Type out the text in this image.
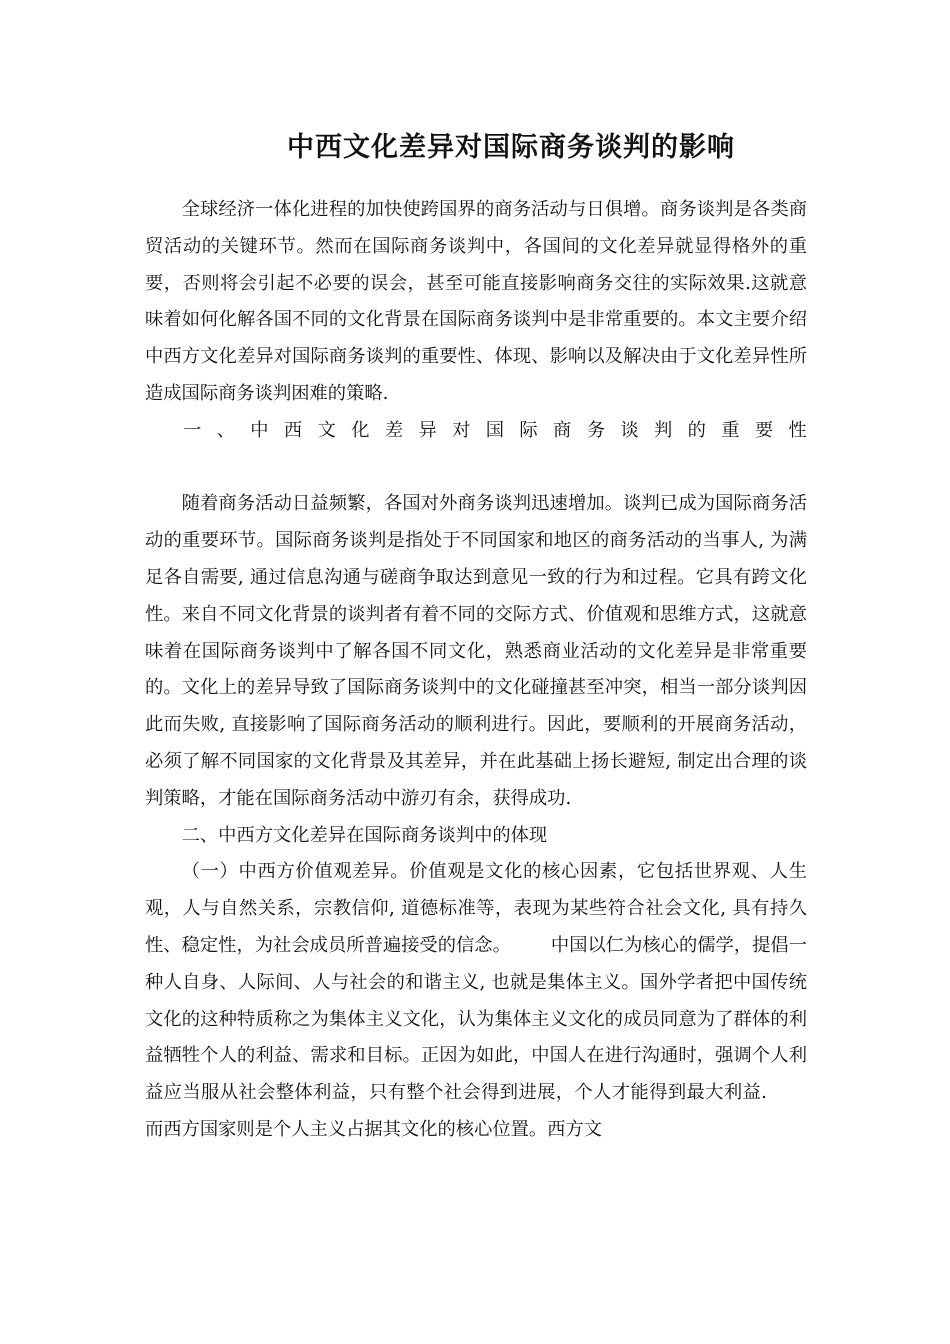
中西文化差异对国际商务谈判的影响

全球经济一体化进程的加快使跨国界的商务活动与日俱增。商务谈判是各类商贸活动的关键环节。然而在国际商务谈判中，各国间的文化差异就显得格外的重要，否则将会引起不必要的误会，甚至可能直接影响商务交往的实际效果.这就意味着如何化解各国不同的文化背景在国际商务谈判中是非常重要的。本文主要介绍中西方文化差异对国际商务谈判的重要性、体现、影响以及解决由于文化差异性所造成国际商务谈判困难的策略.

一 、 中 西 文 化 差 异 对 国 际 商 务 谈 判 的 重 要 性

随着商务活动日益频繁，各国对外商务谈判迅速增加。谈判已成为国际商务活动的重要环节。国际商务谈判是指处于不同国家和地区的商务活动的当事人, 为满足各自需要, 通过信息沟通与磋商争取达到意见一致的行为和过程。它具有跨文化性。来自不同文化背景的谈判者有着不同的交际方式、价值观和思维方式，这就意味着在国际商务谈判中了解各国不同文化，熟悉商业活动的文化差异是非常重要的。文化上的差异导致了国际商务谈判中的文化碰撞甚至冲突，相当一部分谈判因此而失败, 直接影响了国际商务活动的顺利进行。因此，要顺利的开展商务活动，必须了解不同国家的文化背景及其差异，并在此基础上扬长避短, 制定出合理的谈判策略，才能在国际商务活动中游刃有余，获得成功.

二、中西方文化差异在国际商务谈判中的体现

（一）中西方价值观差异。价值观是文化的核心因素，它包括世界观、人生观，人与自然关系，宗教信仰, 道德标准等，表现为某些符合社会文化, 具有持久性、稳定性，为社会成员所普遍接受的信念。 中国以仁为核心的儒学，提倡一种人自身、人际间、人与社会的和谐主义, 也就是集体主义。国外学者把中国传统文化的这种特质称之为集体主义文化，认为集体主义文化的成员同意为了群体的利益牺牲个人的利益、需求和目标。正因为如此，中国人在进行沟通时，强调个人利益应当服从社会整体利益，只有整个社会得到进展，个人才能得到最大利益.而西方国家则是个人主义占据其文化的核心位置。西方文
